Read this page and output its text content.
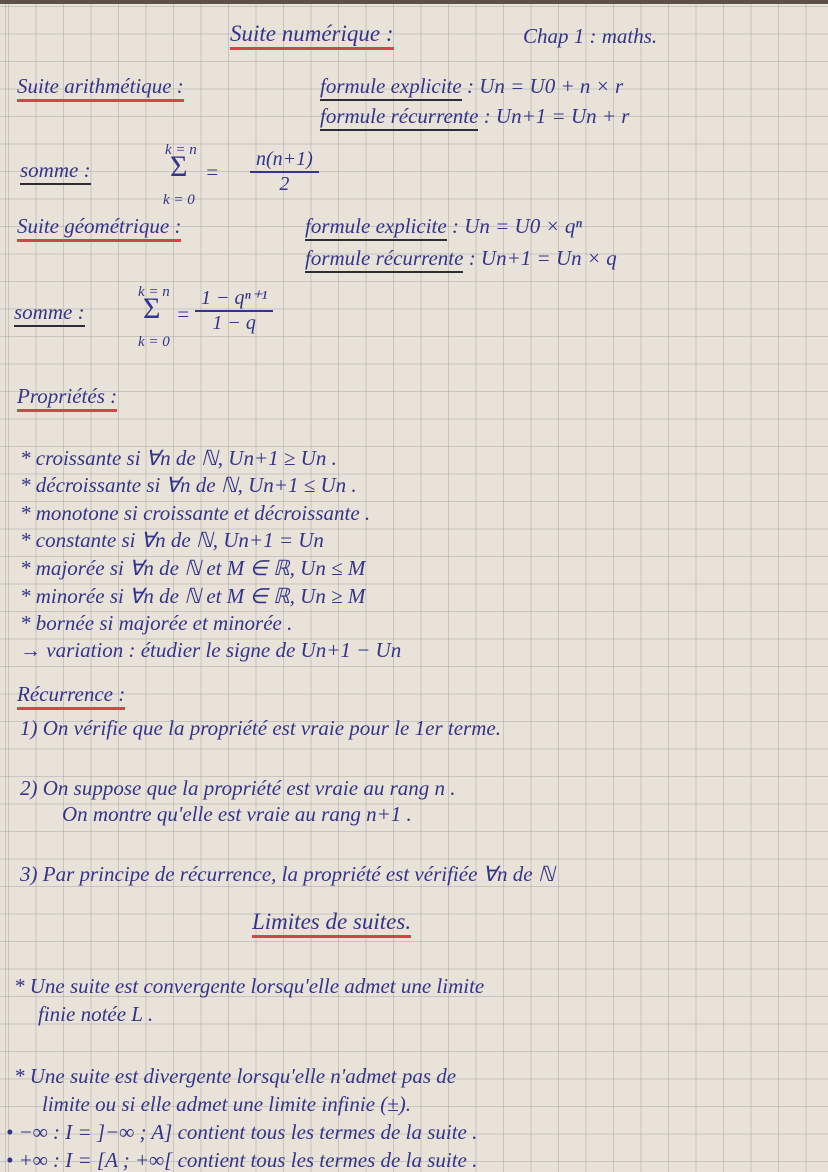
Suite numérique :	Chap 1 : maths.
Suite arithmétique :	formule explicite : Un = U0 + n × r
formule récurrente : Un+1 = Un + r
somme :
k = n
Σ =
k = 0
$\frac{n(n+1)}{2}$
Suite géométrique :	formule explicite : Un = U0 × qⁿ
formule récurrente : Un+1 = Un × q
somme :
k = n
Σ =
k = 0
$\frac{\text{1 − qⁿ⁺¹}}{1 - q}$
Propriétés :
* croissante si ∀n de ℕ, Un+1 ≥ Un .
* décroissante si ∀n de ℕ, Un+1 ≤ Un .
* monotone si croissante et décroissante .
* constante si ∀n de ℕ, Un+1 = Un
* majorée si ∀n de ℕ et M ∈ ℝ, Un ≤ M
* minorée si ∀n de ℕ et M ∈ ℝ, Un ≥ M
* bornée si majorée et minorée .
→ variation : étudier le signe de Un+1 − Un
Récurrence :
1) On vérifie que la propriété est vraie pour le 1er terme.
2) On suppose que la propriété est vraie au rang n .
On montre qu'elle est vraie au rang n+1 .
3) Par principe de récurrence, la propriété est vérifiée ∀n de ℕ
Limites de suites.
* Une suite est convergente lorsqu'elle admet une limite
finie notée L .
* Une suite est divergente lorsqu'elle n'admet pas de
limite ou si elle admet une limite infinie (±).
• −∞ : I = ]−∞ ; A] contient tous les termes de la suite .
• +∞ : I = [A ; +∞[ contient tous les termes de la suite .
